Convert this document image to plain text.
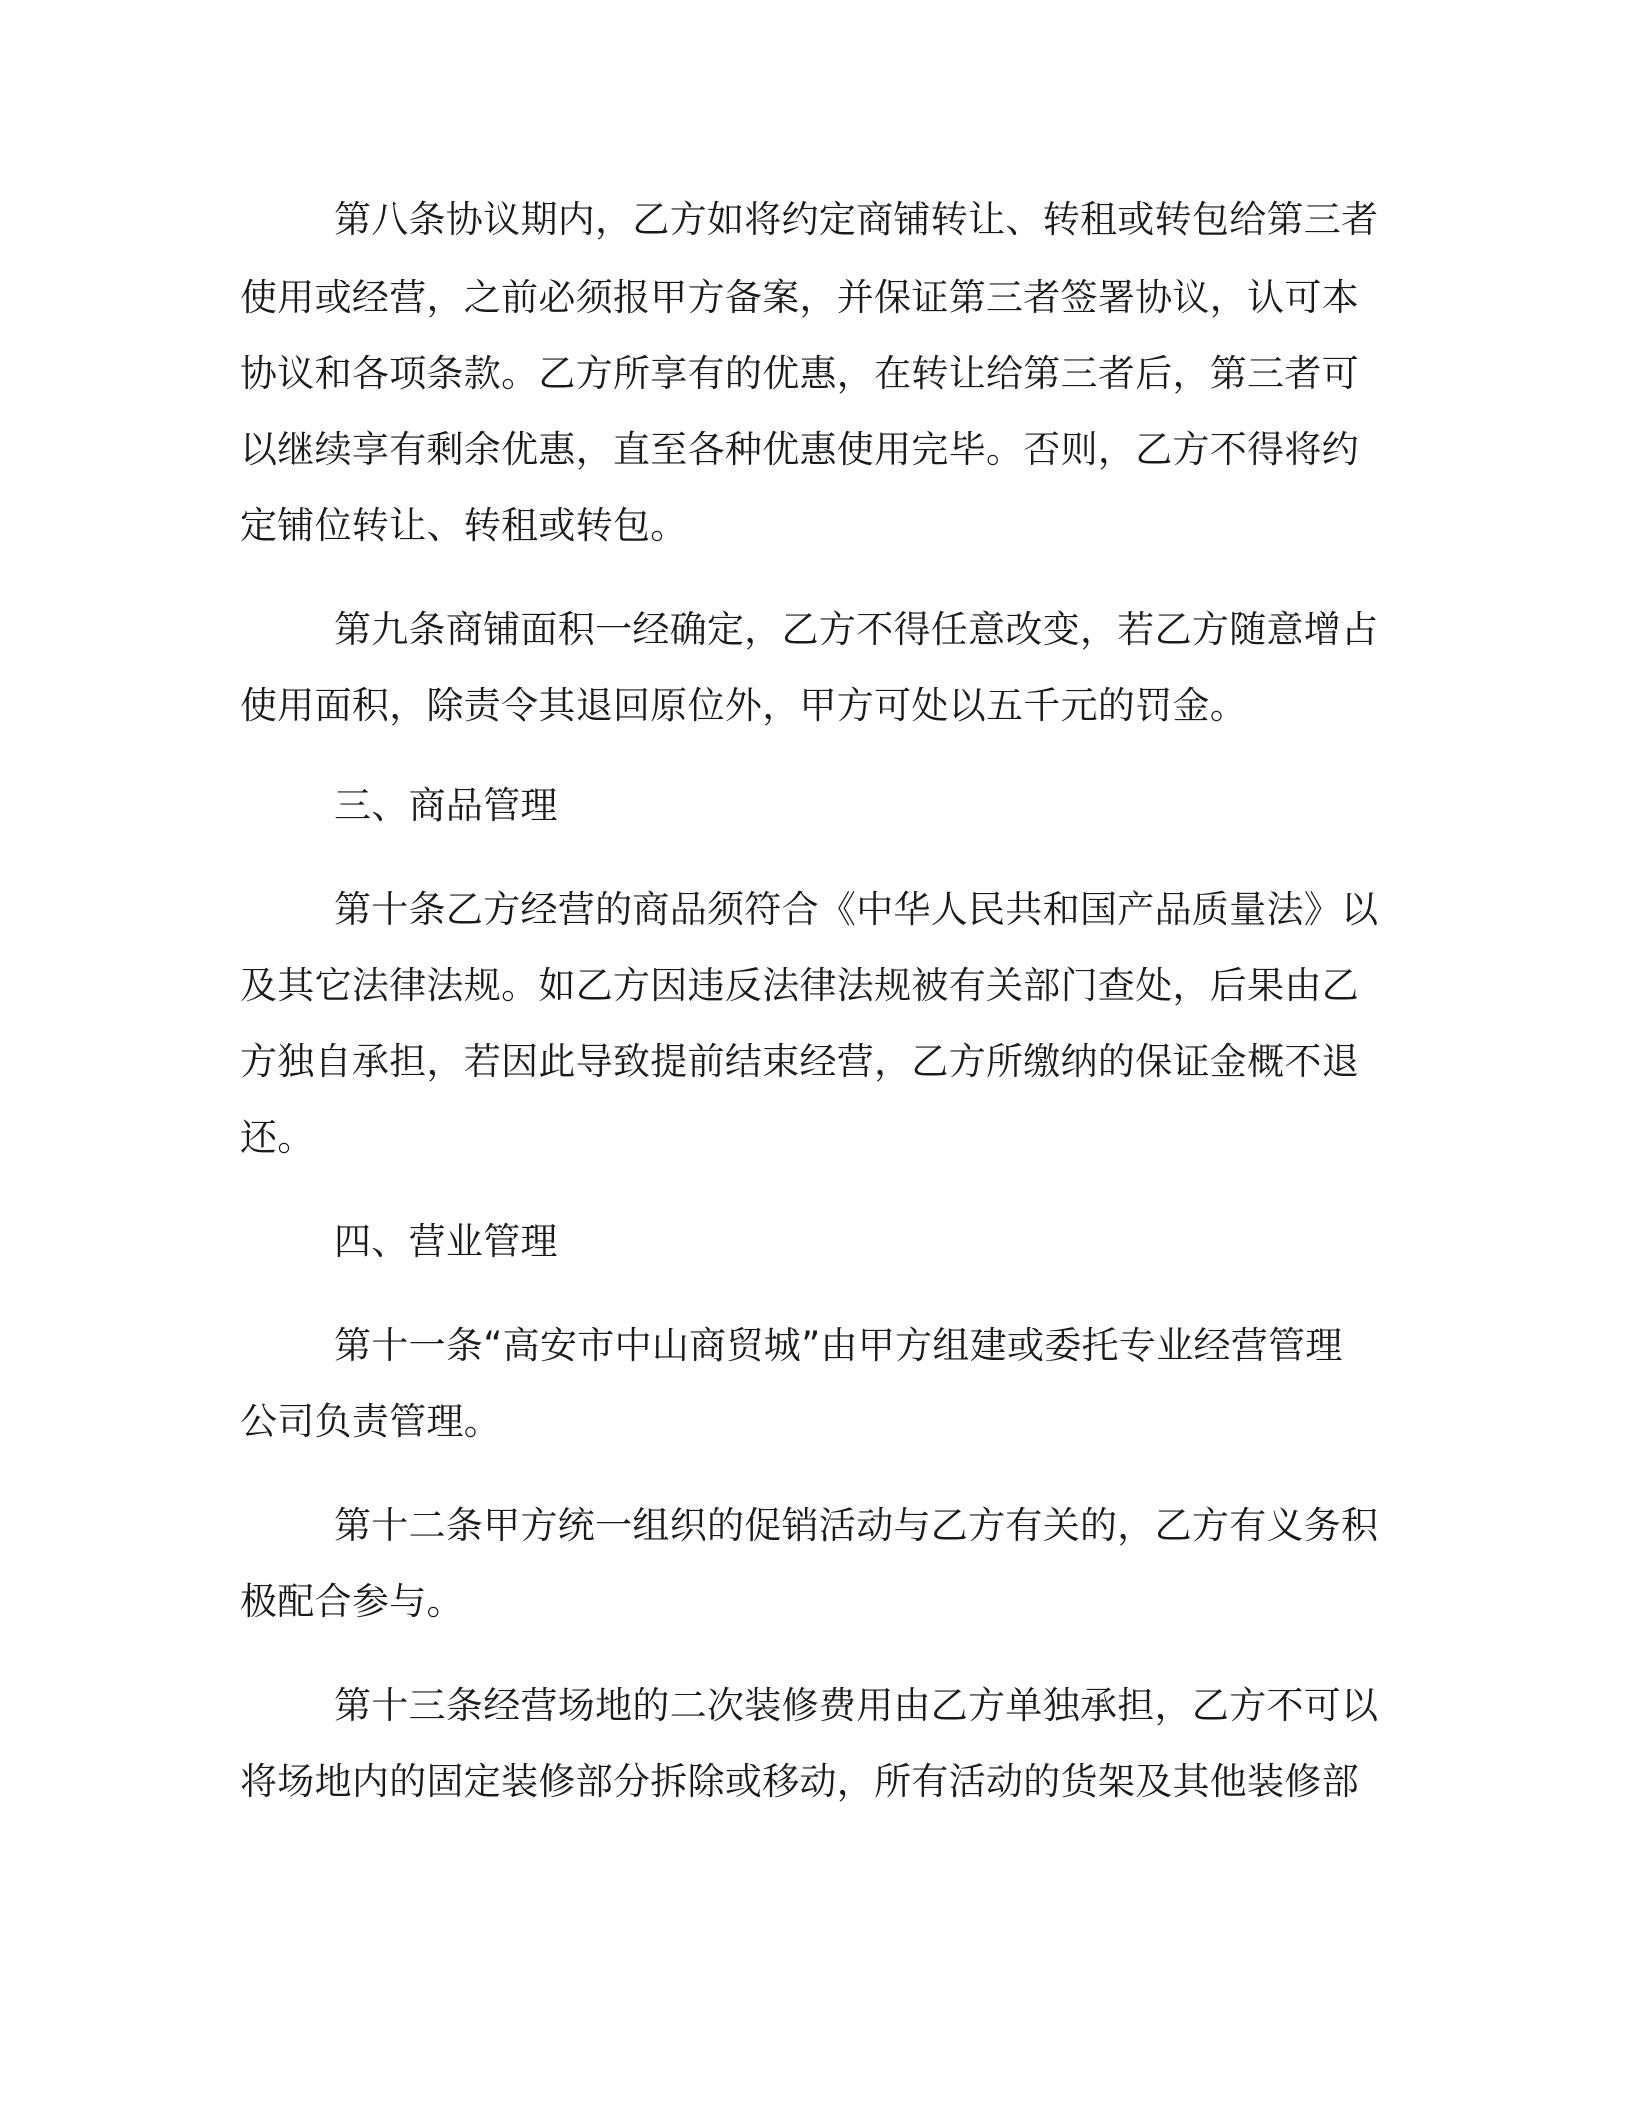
第八条协议期内，乙方如将约定商铺转让、转租或转包给第三者

使用或经营，之前必须报甲方备案，并保证第三者签署协议，认可本

协议和各项条款。乙方所享有的优惠，在转让给第三者后，第三者可

以继续享有剩余优惠，直至各种优惠使用完毕。否则，乙方不得将约

定铺位转让、转租或转包。

第九条商铺面积一经确定，乙方不得任意改变，若乙方随意增占

使用面积，除责令其退回原位外，甲方可处以五千元的罚金。

三、商品管理

第十条乙方经营的商品须符合《中华人民共和国产品质量法》以

及其它法律法规。如乙方因违反法律法规被有关部门查处，后果由乙

方独自承担，若因此导致提前结束经营，乙方所缴纳的保证金概不退

还。

四、营业管理

第十一条“高安市中山商贸城”由甲方组建或委托专业经营管理

公司负责管理。

第十二条甲方统一组织的促销活动与乙方有关的，乙方有义务积

极配合参与。

第十三条经营场地的二次装修费用由乙方单独承担，乙方不可以

将场地内的固定装修部分拆除或移动，所有活动的货架及其他装修部
